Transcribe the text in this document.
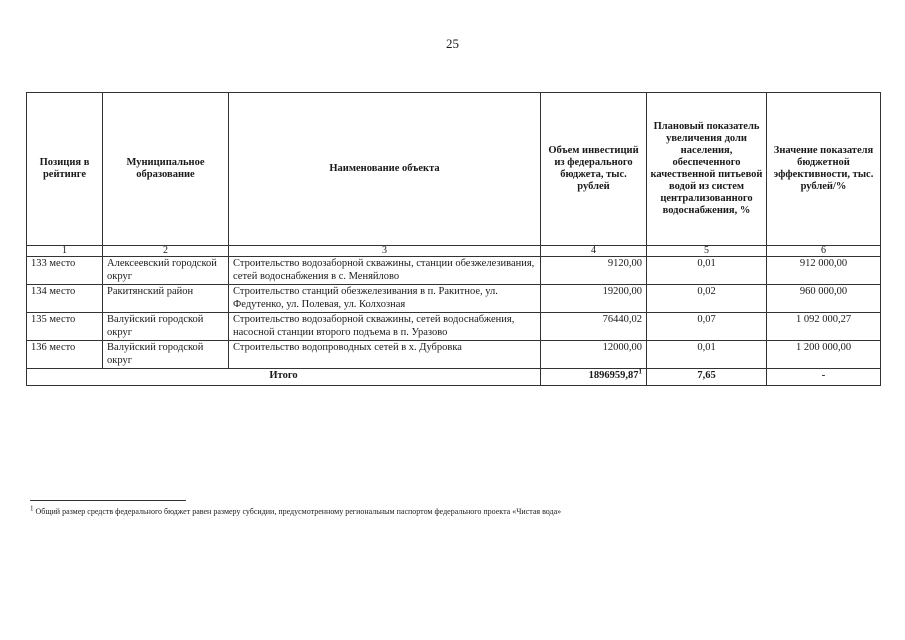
25
Позиция в рейтинге	Муниципальное образование	Наименование объекта	Объем инвестиций из федерального бюджета, тыс. рублей	Плановый показатель увеличения доли населения, обеспеченного качественной питьевой водой из систем централизованного водоснабжения, %	Значение показателя бюджетной эффективности, тыс. рублей/%
1	2	3	4	5	6
133 место	Алексеевский городской округ	Строительство водозаборной скважины, станции обезжелезивания, сетей водоснабжения в с. Меняйлово	9120,00	0,01	912 000,00
134 место	Ракитянский район	Строительство станций обезжелезивания в п. Ракитное, ул. Федутенко, ул. Полевая, ул. Колхозная	19200,00	0,02	960 000,00
135 место	Валуйский городской округ	Строительство водозаборной скважины, сетей водоснабжения, насосной станции второго подъема в п. Уразово	76440,02	0,07	1 092 000,27
136 место	Валуйский городской округ	Строительство водопроводных сетей в х. Дубровка	12000,00	0,01	1 200 000,00
Итого			1896959,87$^1$	7,65	-
$^1$ Общий размер средств федерального бюджет равен размеру субсидии, предусмотренному региональным паспортом федерального проекта «Чистая вода»
